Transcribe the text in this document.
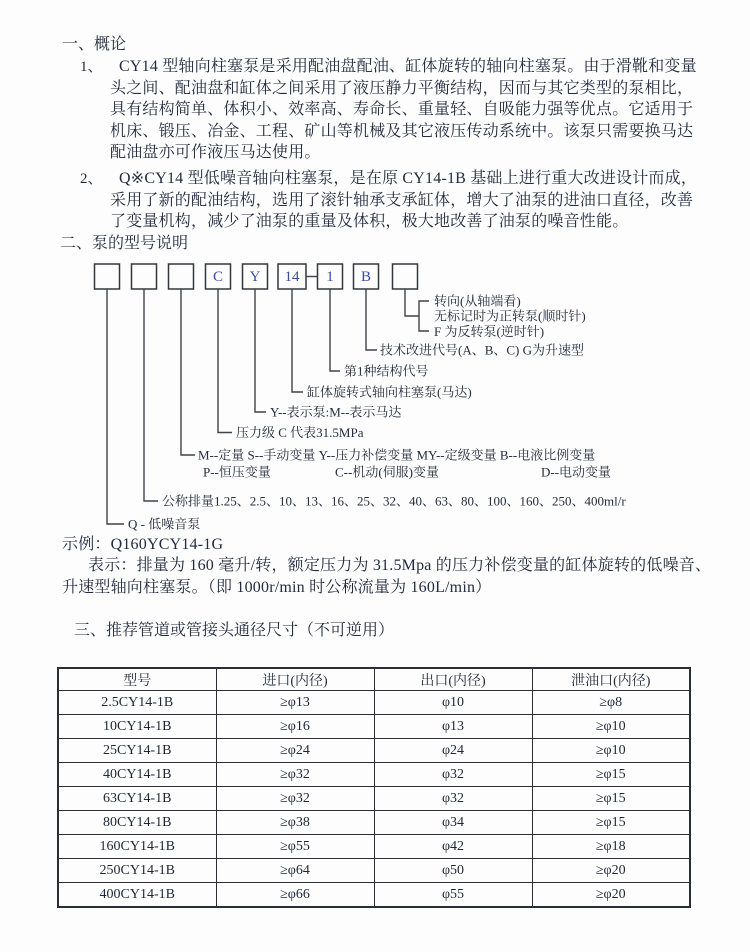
一、概论
1、 CY14 型轴向柱塞泵是采用配油盘配油、缸体旋转的轴向柱塞泵。由于滑靴和变量
头之间、配油盘和缸体之间采用了液压静力平衡结构，因而与其它类型的泵相比，
具有结构简单、体积小、效率高、寿命长、重量轻、自吸能力强等优点。它适用于
机床、锻压、冶金、工程、矿山等机械及其它液压传动系统中。该泵只需要换马达
配油盘亦可作液压马达使用。
2、 Q※CY14 型低噪音轴向柱塞泵，是在原 CY14-1B 基础上进行重大改进设计而成，
采用了新的配油结构，选用了滚针轴承支承缸体，增大了油泵的进油口直径，改善
了变量机构，减少了油泵的重量及体积，极大地改善了油泵的噪音性能。
二、泵的型号说明
C Y 14 1 B
转向(从轴端看)
无标记时为正转泵(顺时针)
F 为反转泵(逆时针)
技术改进代号(A、B、C) G为升速型
第1种结构代号
缸体旋转式轴向柱塞泵(马达)
Y--表示泵:M--表示马达
压力级 C 代表31.5MPa
M--定量 S--手动变量 Y--压力补偿变量 MY--定级变量 B--电液比例变量
P--恒压变量	C--机动(伺服)变量	D--电动变量
公称排量1.25、2.5、10、13、16、25、32、40、63、80、100、160、250、400ml/r
Q - 低噪音泵
示例：Q160YCY14-1G
表示：排量为 160 毫升/转，额定压力为 31.5Mpa 的压力补偿变量的缸体旋转的低噪音、
升速型轴向柱塞泵。（即 1000r/min 时公称流量为 160L/min）
三、推荐管道或管接头通径尺寸（不可逆用）
型号	进口(内径)	出口(内径)	泄油口(内径)
2.5CY14-1B	≥φ13	φ10	≥φ8
10CY14-1B	≥φ16	φ13	≥φ10
25CY14-1B	≥φ24	φ24	≥φ10
40CY14-1B	≥φ32	φ32	≥φ15
63CY14-1B	≥φ32	φ32	≥φ15
80CY14-1B	≥φ38	φ34	≥φ15
160CY14-1B	≥φ55	φ42	≥φ18
250CY14-1B	≥φ64	φ50	≥φ20
400CY14-1B	≥φ66	φ55	≥φ20
